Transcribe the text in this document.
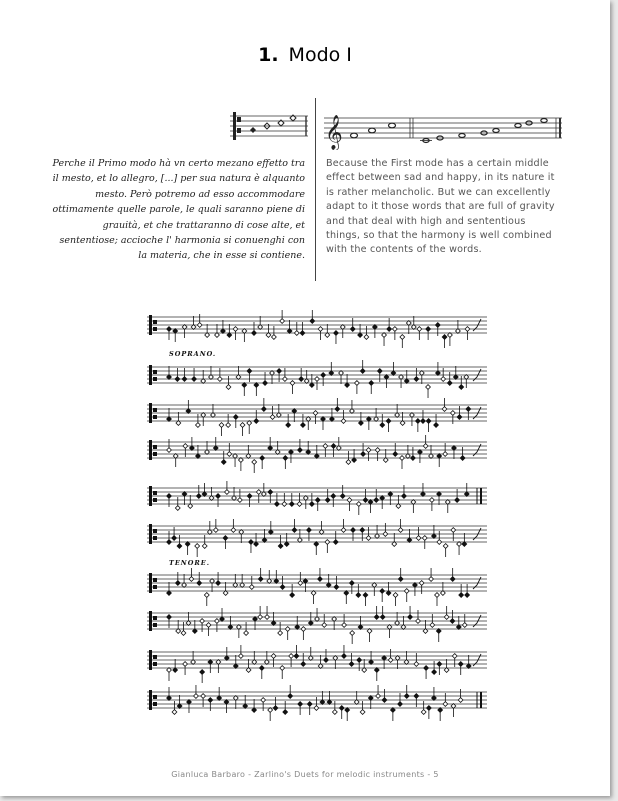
1. Modo I
𝄞
Perche il Primo modo hà vn certo mezano effetto tra il mesto, et lo allegro, [...] per sua natura è alquanto mesto. Però potremo ad esso accommodare ottimamente quelle parole, le quali saranno piene di grauità, et che trattaranno di cose alte, et sententiose; accioche l' harmonia si conuenghi con la materia, che in esse si contiene.
Because the First mode has a certain middle effect between sad and happy, in its nature it is rather melancholic. But we can excellently adapt to it those words that are full of gravity and that deal with high and sententious things, so that the harmony is well combined with the contents of the words.
SOPRANO.
TENORE.
Gianluca Barbaro - Zarlino's Duets for melodic instruments - 5
